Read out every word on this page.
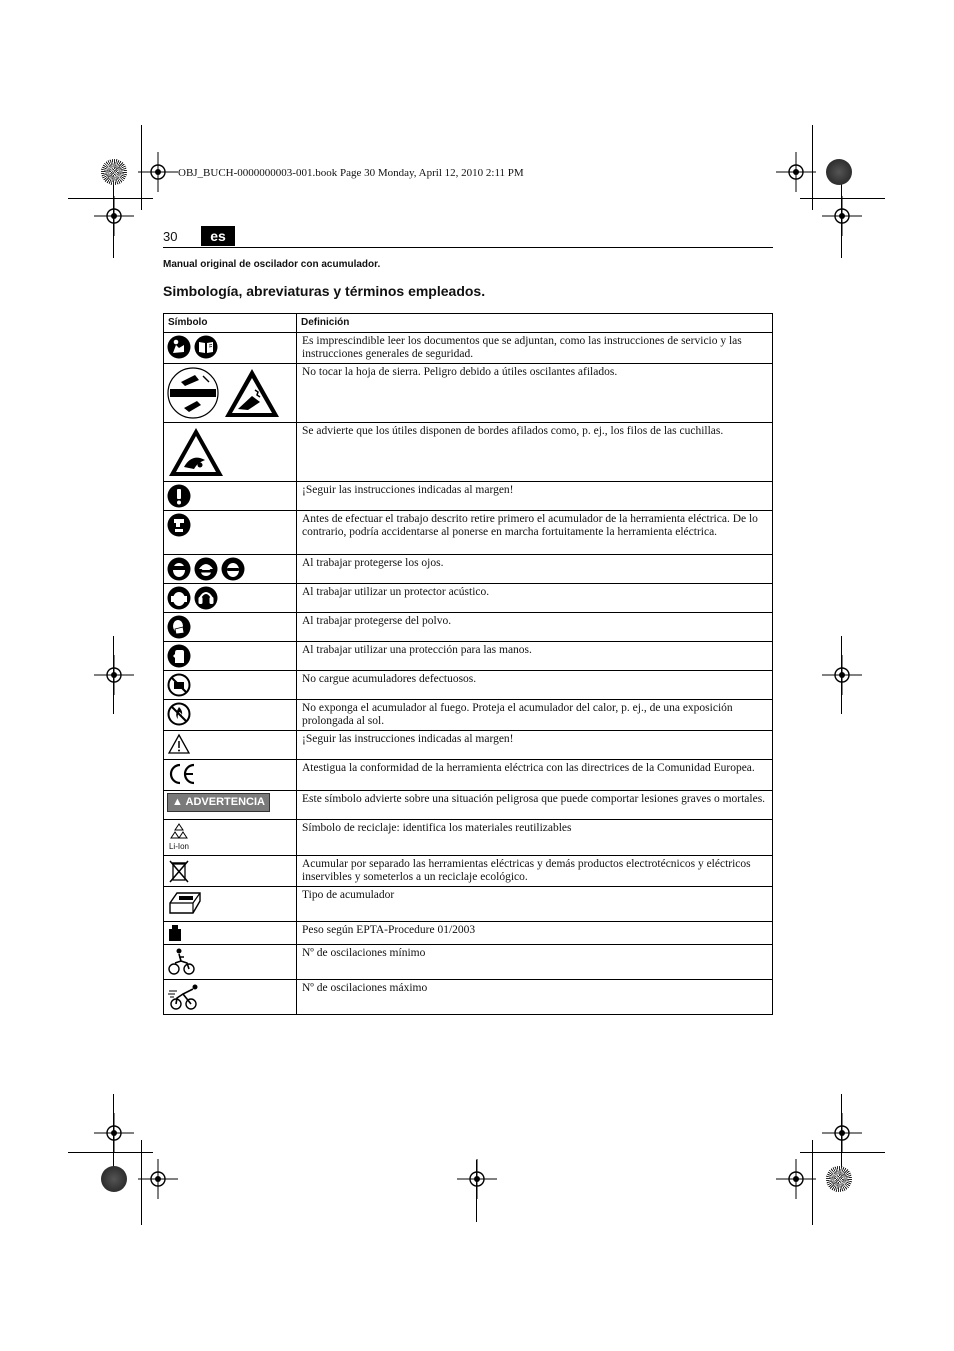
OBJ_BUCH-0000000003-001.book Page 30 Monday, April 12, 2010 2:11 PM
30	es
Manual original de oscilador con acumulador.
Simbología, abreviaturas y términos empleados.
Símbolo	Definición
	Es imprescindible leer los documentos que se adjuntan, como las instrucciones de servicio y las instrucciones generales de seguridad.
	No tocar la hoja de sierra. Peligro debido a útiles oscilantes afilados.
	Se advierte que los útiles disponen de bordes afilados como, p. ej., los filos de las cuchillas.
	¡Seguir las instrucciones indicadas al margen!
	Antes de efectuar el trabajo descrito retire primero el acumulador de la herramienta eléctrica. De lo contrario, podría accidentarse al ponerse en marcha fortuitamente la herramienta eléctrica.
	Al trabajar protegerse los ojos.
	Al trabajar utilizar un protector acústico.
	Al trabajar protegerse del polvo.
	Al trabajar utilizar una protección para las manos.
	No cargue acumuladores defectuosos.
	No exponga el acumulador al fuego. Proteja el acumulador del calor, p. ej., de una exposición prolongada al sol.
	¡Seguir las instrucciones indicadas al margen!
	Atestigua la conformidad de la herramienta eléctrica con las directrices de la Comunidad Europea.
▲ ADVERTENCIA	Este símbolo advierte sobre una situación peligrosa que puede comportar lesiones graves o mortales.

Li-Ion	Símbolo de reciclaje: identifica los materiales reutilizables
	Acumular por separado las herramientas eléctricas y demás productos electrotécnicos y eléctricos inservibles y someterlos a un reciclaje ecológico.
	Tipo de acumulador
	Peso según EPTA-Procedure 01/2003
	Nº de oscilaciones mínimo
	Nº de oscilaciones máximo
